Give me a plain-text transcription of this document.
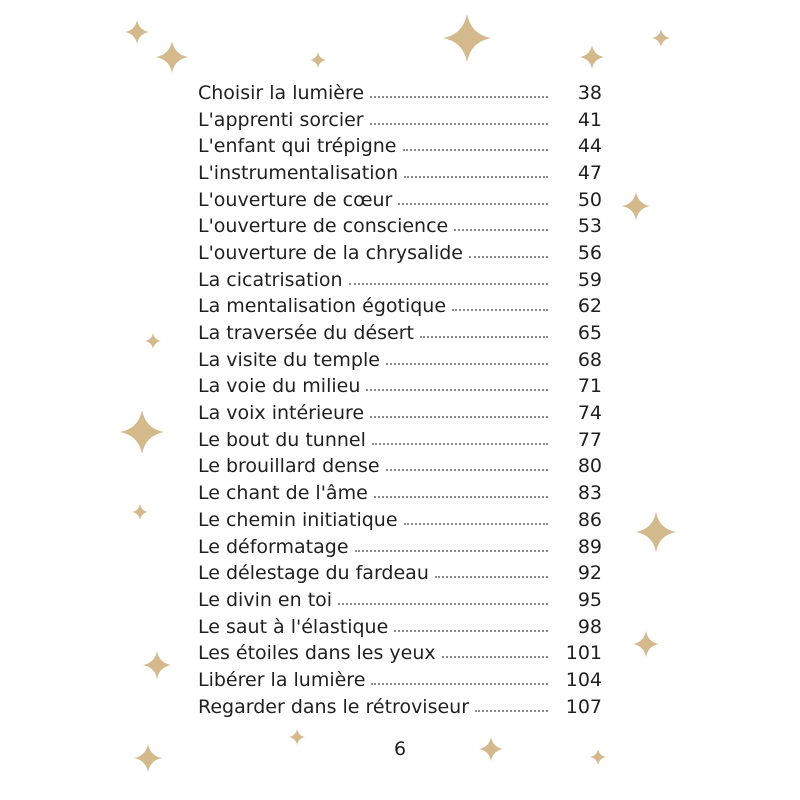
Choisir la lumière	38
L'apprenti sorcier	41
L'enfant qui trépigne	44
L'instrumentalisation	47
L'ouverture de cœur	50
L'ouverture de conscience	53
L'ouverture de la chrysalide	56
La cicatrisation	59
La mentalisation égotique	62
La traversée du désert	65
La visite du temple	68
La voie du milieu	71
La voix intérieure	74
Le bout du tunnel	77
Le brouillard dense	80
Le chant de l'âme	83
Le chemin initiatique	86
Le déformatage	89
Le délestage du fardeau	92
Le divin en toi	95
Le saut à l'élastique	98
Les étoiles dans les yeux	101
Libérer la lumière	104
Regarder dans le rétroviseur	107
6
